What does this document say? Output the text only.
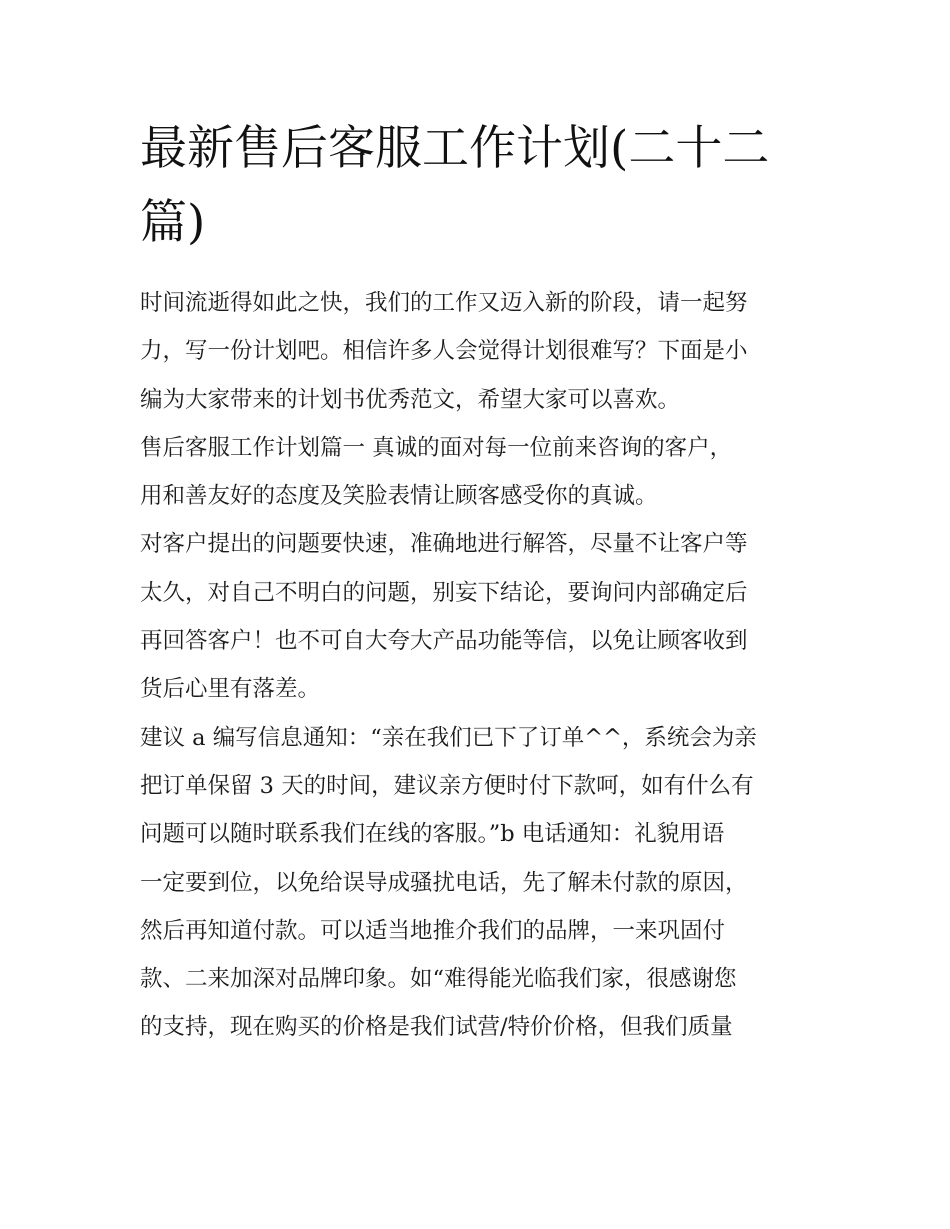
最新售后客服工作计划(二十二
篇)

时间流逝得如此之快，我们的工作又迈入新的阶段，请一起努
力，写一份计划吧。相信许多人会觉得计划很难写？下面是小
编为大家带来的计划书优秀范文，希望大家可以喜欢。

售后客服工作计划篇一 真诚的面对每一位前来咨询的客户，
用和善友好的态度及笑脸表情让顾客感受你的真诚。

对客户提出的问题要快速，准确地进行解答，尽量不让客户等
太久，对自己不明白的问题，别妄下结论，要询问内部确定后
再回答客户！也不可自大夸大产品功能等信，以免让顾客收到
货后心里有落差。

建议 a 编写信息通知：“亲在我们已下了订单^^，系统会为亲
把订单保留 3 天的时间，建议亲方便时付下款呵，如有什么有
问题可以随时联系我们在线的客服。”b 电话通知：礼貌用语
一定要到位，以免给误导成骚扰电话，先了解未付款的原因，
然后再知道付款。可以适当地推介我们的品牌，一来巩固付
款、二来加深对品牌印象。如“难得能光临我们家，很感谢您
的支持，现在购买的价格是我们试营/特价价格，但我们质量
